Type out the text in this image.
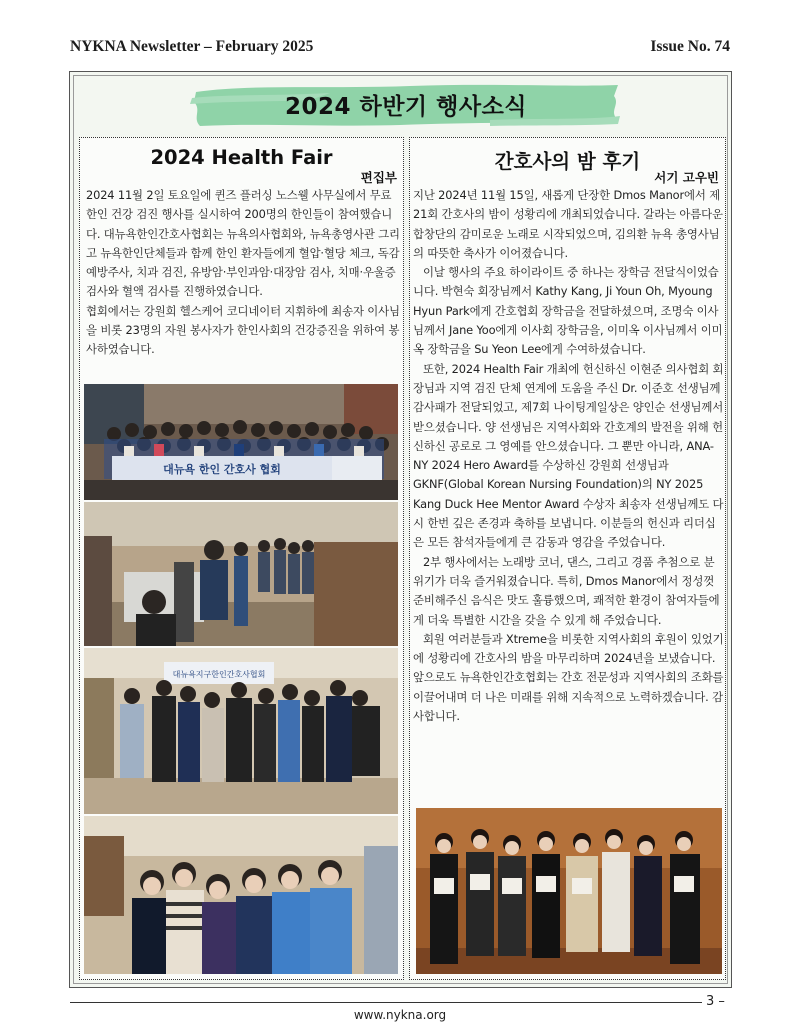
NYKNA Newsletter – February 2025	Issue No. 74
2024 하반기 행사소식
2024 Health Fair
편집부

2024 11월 2일 토요일에 퀸즈 플러싱 노스웰 사무실에서 무료 한인 건강 검진 행사를 실시하여 200명의 한인들이 참여했습니다. 대뉴욕한인간호사협회는 뉴욕의사협회와, 뉴욕총영사관 그리고 뉴욕한인단체들과 함께 한인 환자들에게 혈압·혈당 체크, 독감예방주사, 치과 검진, 유방암·부인과암·대장암 검사, 치매·우울증 검사와 혈액 검사를 진행하였습니다.

협회에서는 강원희 헬스케어 코디네이터 지휘하에 최송자 이사님을 비롯 23명의 자원 봉사자가 한인사회의 건강증진을 위하여 봉사하였습니다.

대뉴욕 한인 간호사 협회
대뉴욕지구한인간호사협회
간호사의 밤 후기
서기 고우빈

지난 2024년 11월 15일, 새롭게 단장한 Dmos Manor에서 제21회 간호사의 밤이 성황리에 개최되었습니다. 갈라는 아름다운 합창단의 감미로운 노래로 시작되었으며, 김의환 뉴욕 총영사님의 따뜻한 축사가 이어졌습니다.

이날 행사의 주요 하이라이트 중 하나는 장학금 전달식이었습니다. 박현숙 회장님께서 Kathy Kang, Ji Youn Oh, Myoung Hyun Park에게 간호협회 장학금을 전달하셨으며, 조명숙 이사님께서 Jane Yoo에게 이사회 장학금을, 이미옥 이사님께서 이미옥 장학금을 Su Yeon Lee에게 수여하셨습니다.

또한, 2024 Health Fair 개최에 헌신하신 이현준 의사협회 회장님과 지역 검진 단체 연계에 도움을 주신 Dr. 이준호 선생님께 감사패가 전달되었고, 제7회 나이팅게일상은 양인순 선생님께서 받으셨습니다. 양 선생님은 지역사회와 간호계의 발전을 위해 헌신하신 공로로 그 영예를 안으셨습니다. 그 뿐만 아니라, ANA-NY 2024 Hero Award를 수상하신 강원희 선생님과 GKNF(Global Korean Nursing Foundation)의 NY 2025 Kang Duck Hee Mentor Award 수상자 최송자 선생님께도 다시 한번 깊은 존경과 축하를 보냅니다. 이분들의 헌신과 리더십은 모든 참석자들에게 큰 감동과 영감을 주었습니다.

2부 행사에서는 노래방 코너, 댄스, 그리고 경품 추첨으로 분위기가 더욱 즐거워졌습니다. 특히, Dmos Manor에서 정성껏 준비해주신 음식은 맛도 훌륭했으며, 쾌적한 환경이 참여자들에게 더욱 특별한 시간을 갖을 수 있게 해 주었습니다.

회원 여러분들과 Xtreme을 비롯한 지역사회의 후원이 있었기에 성황리에 간호사의 밤을 마무리하며 2024년을 보냈습니다. 앞으로도 뉴욕한인간호협회는 간호 전문성과 지역사회의 조화를 이끌어내며 더 나은 미래를 위해 지속적으로 노력하겠습니다. 감사합니다.

3 –
www.nykna.org
